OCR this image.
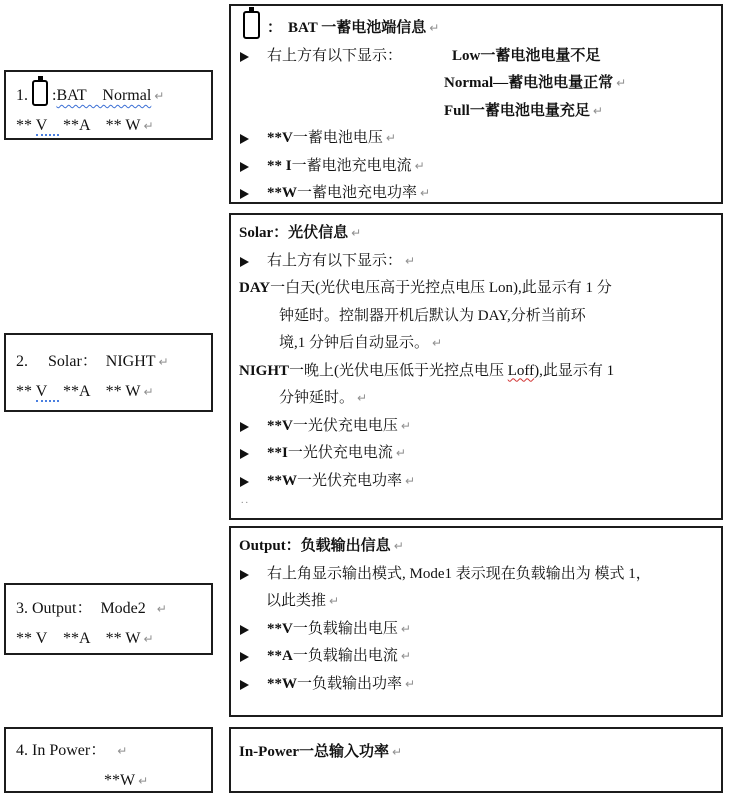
1. :BAT    Normal ↵
** V    **A    ** W ↵
2.     Solar：  NIGHT ↵
** V    **A    ** W ↵
3. Output：  Mode2  ↵
** V    **A    ** W ↵
4. In Power：  ↵
**W ↵
： BAT 一蓄电池端信息 ↵
右上方有以下显示：	Low一蓄电池电量不足
Normal—蓄电池电量正常 ↵
Full一蓄电池电量充足 ↵
**V一蓄电池电压 ↵
** I一蓄电池充电电流 ↵
**W一蓄电池充电功率 ↵
Solar：光伏信息 ↵
右上方有以下显示： ↵
DAY一白天(光伏电压高于光控点电压 Lon),此显示有 1 分
钟延时。控制器开机后默认为 DAY,分析当前环
境,1 分钟后自动显示。 ↵
NIGHT一晚上(光伏电压低于光控点电压 Loff),此显示有 1
分钟延时。 ↵
**V一光伏充电电压 ↵
**I一光伏充电电流 ↵
**W一光伏充电功率 ↵
..
Output：负载输出信息 ↵
右上角显示输出模式, Mode1 表示现在负载输出为 模式 1，
以此类推 ↵
**V一负载输出电压 ↵
**A一负载输出电流 ↵
**W一负载输出功率 ↵
In-Power一总输入功率 ↵
